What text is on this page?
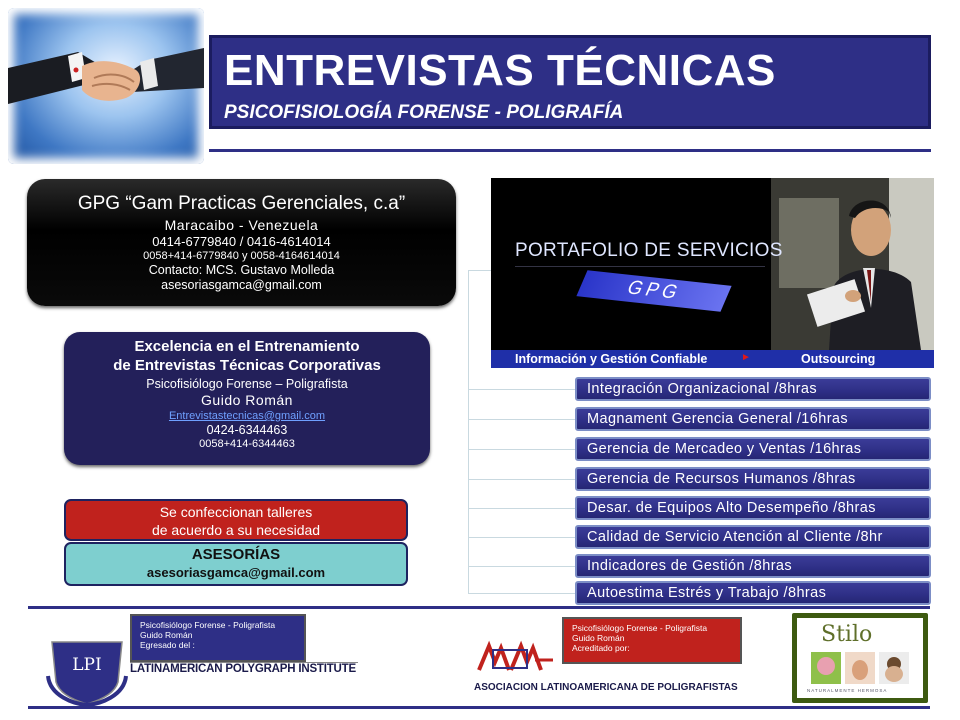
ENTREVISTAS TÉCNICAS
PSICOFISIOLOGÍA FORENSE - POLIGRAFÍA
GPG “Gam Practicas Gerenciales, c.a”
Maracaibo - Venezuela
0414-6779840 / 0416-4614014
0058+414-6779840 y 0058-4164614014
Contacto: MCS. Gustavo Molleda
asesoriasgamca@gmail.com
Excelencia en el Entrenamiento
de Entrevistas Técnicas Corporativas
Psicofisiólogo Forense – Poligrafista
Guido Román
Entrevistastecnicas@gmail.com
0424-6344463
0058+414-6344463
Se confeccionan talleres
de acuerdo a su necesidad
ASESORÍAS
asesoriasgamca@gmail.com
PORTAFOLIO DE SERVICIOS
GPG
Información y Gestión Confiable	►	Outsourcing
Integración Organizacional /8hras
Magnament Gerencia General /16hras
Gerencia de Mercadeo y Ventas /16hras
Gerencia de Recursos Humanos /8hras
Desar. de Equipos Alto Desempeño /8hras
Calidad de Servicio Atención al Cliente /8hr
Indicadores de Gestión /8hras
Autoestima Estrés y Trabajo /8hras
LPI
Psicofisiólogo Forense - Poligrafista
Guido Román
Egresado del :
LATINAMERICAN POLYGRAPH INSTITUTE
Psicofisiólogo Forense - Poligrafista
Guido Román
Acreditado por:
ASOCIACION LATINOAMERICANA DE POLIGRAFISTAS
Stilo
NATURALMENTE HERMOSA
